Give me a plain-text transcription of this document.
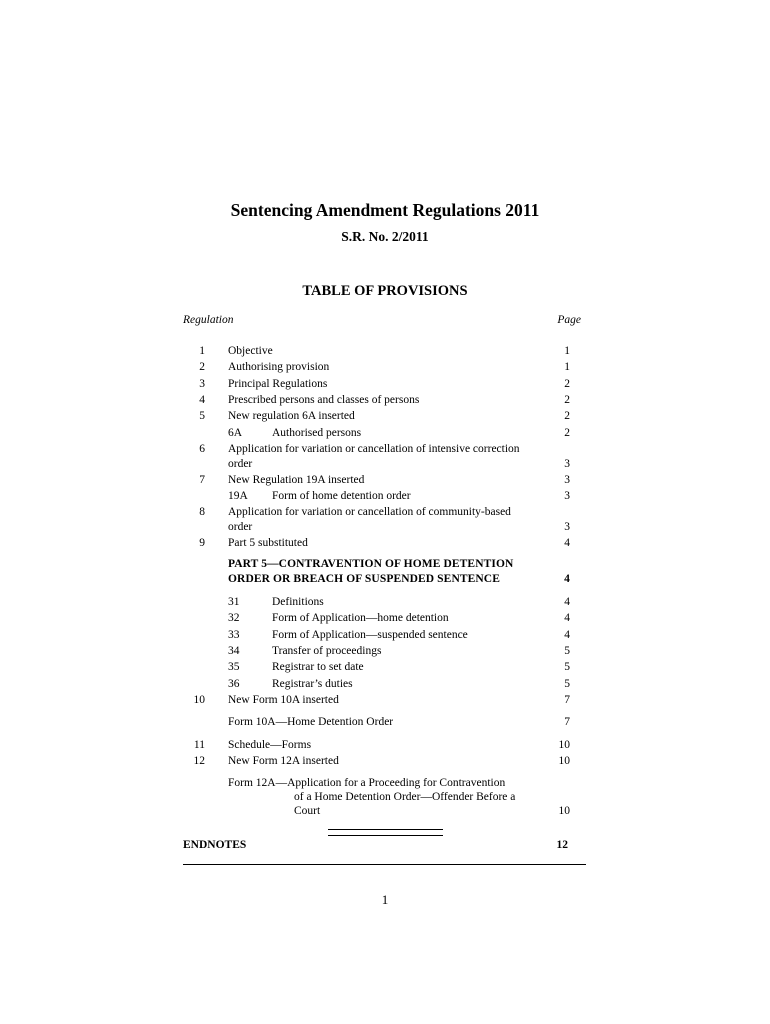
Sentencing Amendment Regulations 2011
S.R. No. 2/2011
TABLE OF PROVISIONS
Regulation	Page
1 Objective	1
2 Authorising provision	1
3 Principal Regulations	2
4 Prescribed persons and classes of persons	2
5 New regulation 6A inserted	2
6A	Authorised persons	2
6 Application for variation or cancellation of intensive correction
order	3
7 New Regulation 19A inserted	3
19A	Form of home detention order	3
8 Application for variation or cancellation of community-based
order	3
9 Part 5 substituted	4
PART 5—CONTRAVENTION OF HOME DETENTION
ORDER OR BREACH OF SUSPENDED SENTENCE	4
31	Definitions	4
32	Form of Application—home detention	4
33	Form of Application—suspended sentence	4
34	Transfer of proceedings	5
35	Registrar to set date	5
36	Registrar’s duties	5
10 New Form 10A inserted	7
Form 10A—Home Detention Order	7
11 Schedule—Forms	10
12 New Form 12A inserted	10
Form 12A—Application for a Proceeding for Contravention
of a Home Detention Order—Offender Before a
Court	10
ENDNOTES	12
1
